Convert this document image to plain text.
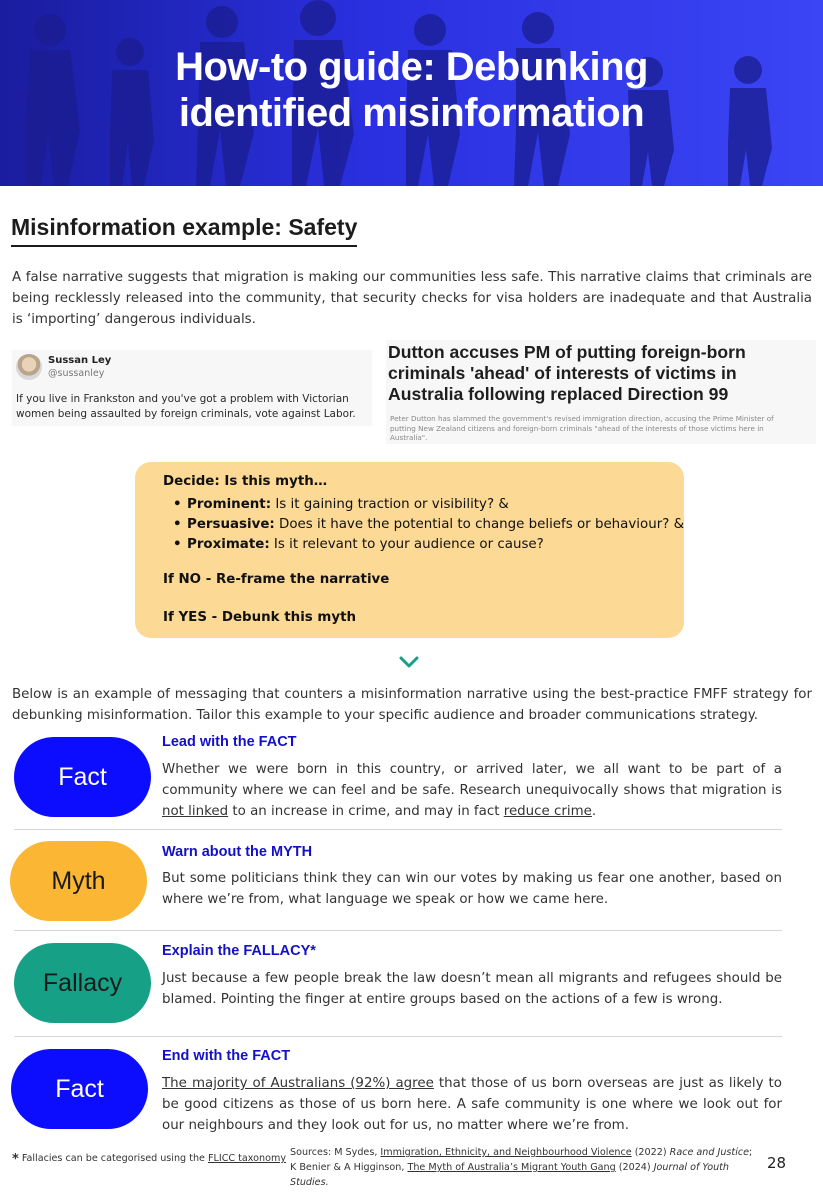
How-to guide: Debunking
identified misinformation
Misinformation example: Safety
A false narrative suggests that migration is making our communities less safe. This narrative claims that criminals are being recklessly released into the community, that security checks for visa holders are inadequate and that Australia is ‘importing’ dangerous individuals.
Sussan Ley
@sussanley
If you live in Frankston and you've got a problem with Victorian women being assaulted by foreign criminals, vote against Labor.
Dutton accuses PM of putting foreign-born criminals 'ahead' of interests of victims in Australia following replaced Direction 99
Peter Dutton has slammed the government's revised immigration direction, accusing the Prime Minister of putting New Zealand citizens and foreign-born criminals "ahead of the interests of those victims here in Australia".
Decide: Is this myth…
• Prominent: Is it gaining traction or visibility? &
• Persuasive: Does it have the potential to change beliefs or behaviour? &
• Proximate: Is it relevant to your audience or cause?
If NO - Re-frame the narrative
If YES - Debunk this myth
Below is an example of messaging that counters a misinformation narrative using the best-practice FMFF strategy for debunking misinformation. Tailor this example to your specific audience and broader communications strategy.
Fact
Lead with the FACT
Whether we were born in this country, or arrived later, we all want to be part of a community where we can feel and be safe. Research unequivocally shows that migration is not linked to an increase in crime, and may in fact reduce crime.
Myth
Warn about the MYTH
But some politicians think they can win our votes by making us fear one another, based on where we’re from, what language we speak or how we came here.
Fallacy
Explain the FALLACY*
Just because a few people break the law doesn’t mean all migrants and refugees should be blamed. Pointing the finger at entire groups based on the actions of a few is wrong.
Fact
End with the FACT
The majority of Australians (92%) agree that those of us born overseas are just as likely to be good citizens as those of us born here. A safe community is one where we look out for our neighbours and they look out for us, no matter where we’re from.
* Fallacies can be categorised using the FLICC taxonomy
Sources: M Sydes, Immigration, Ethnicity, and Neighbourhood Violence (2022) Race and Justice;
K Benier & A Higginson, The Myth of Australia’s Migrant Youth Gang (2024) Journal of Youth Studies.
28
